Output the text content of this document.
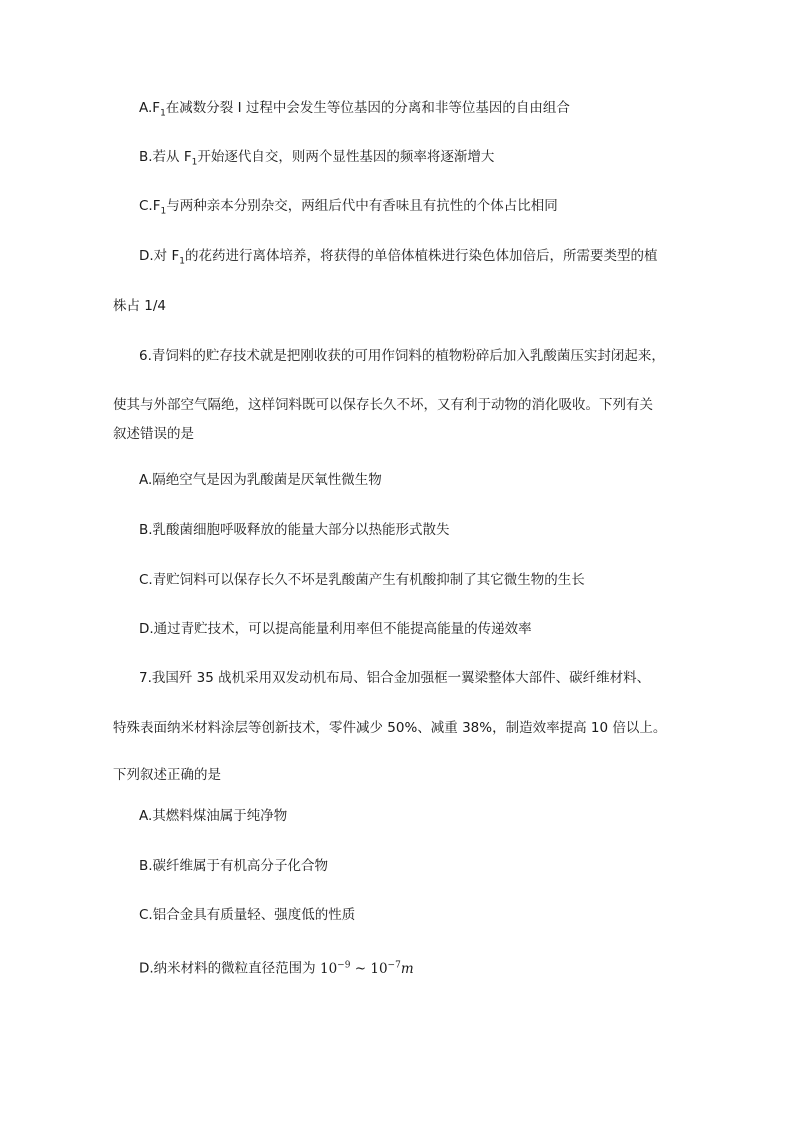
$A.F_1$在减数分裂 I 过程中会发生等位基因的分离和非等位基因的自由组合
B.若从 $F_1$开始逐代自交，则两个显性基因的频率将逐渐增大
$C.F_1$与两种亲本分别杂交，两组后代中有香味且有抗性的个体占比相同
D.对 $F_1$的花药进行离体培养，将获得的单倍体植株进行染色体加倍后，所需要类型的植
株占 1/4
6.青饲料的贮存技术就是把刚收获的可用作饲料的植物粉碎后加入乳酸菌压实封闭起来，
使其与外部空气隔绝，这样饲料既可以保存长久不坏，又有利于动物的消化吸收。下列有关
叙述错误的是
A.隔绝空气是因为乳酸菌是厌氧性微生物
B.乳酸菌细胞呼吸释放的能量大部分以热能形式散失
C.青贮饲料可以保存长久不坏是乳酸菌产生有机酸抑制了其它微生物的生长
D.通过青贮技术，可以提高能量利用率但不能提高能量的传递效率
7.我国歼 35 战机采用双发动机布局、铝合金加强框一翼梁整体大部件、碳纤维材料、
特殊表面纳米材料涂层等创新技术，零件减少 50%、减重 38%，制造效率提高 10 倍以上。
下列叙述正确的是
A.其燃料煤油属于纯净物
B.碳纤维属于有机高分子化合物
C.铝合金具有质量轻、强度低的性质
D.纳米材料的微粒直径范围为 $10^{-9}$ ~ $10^{-7}m$
